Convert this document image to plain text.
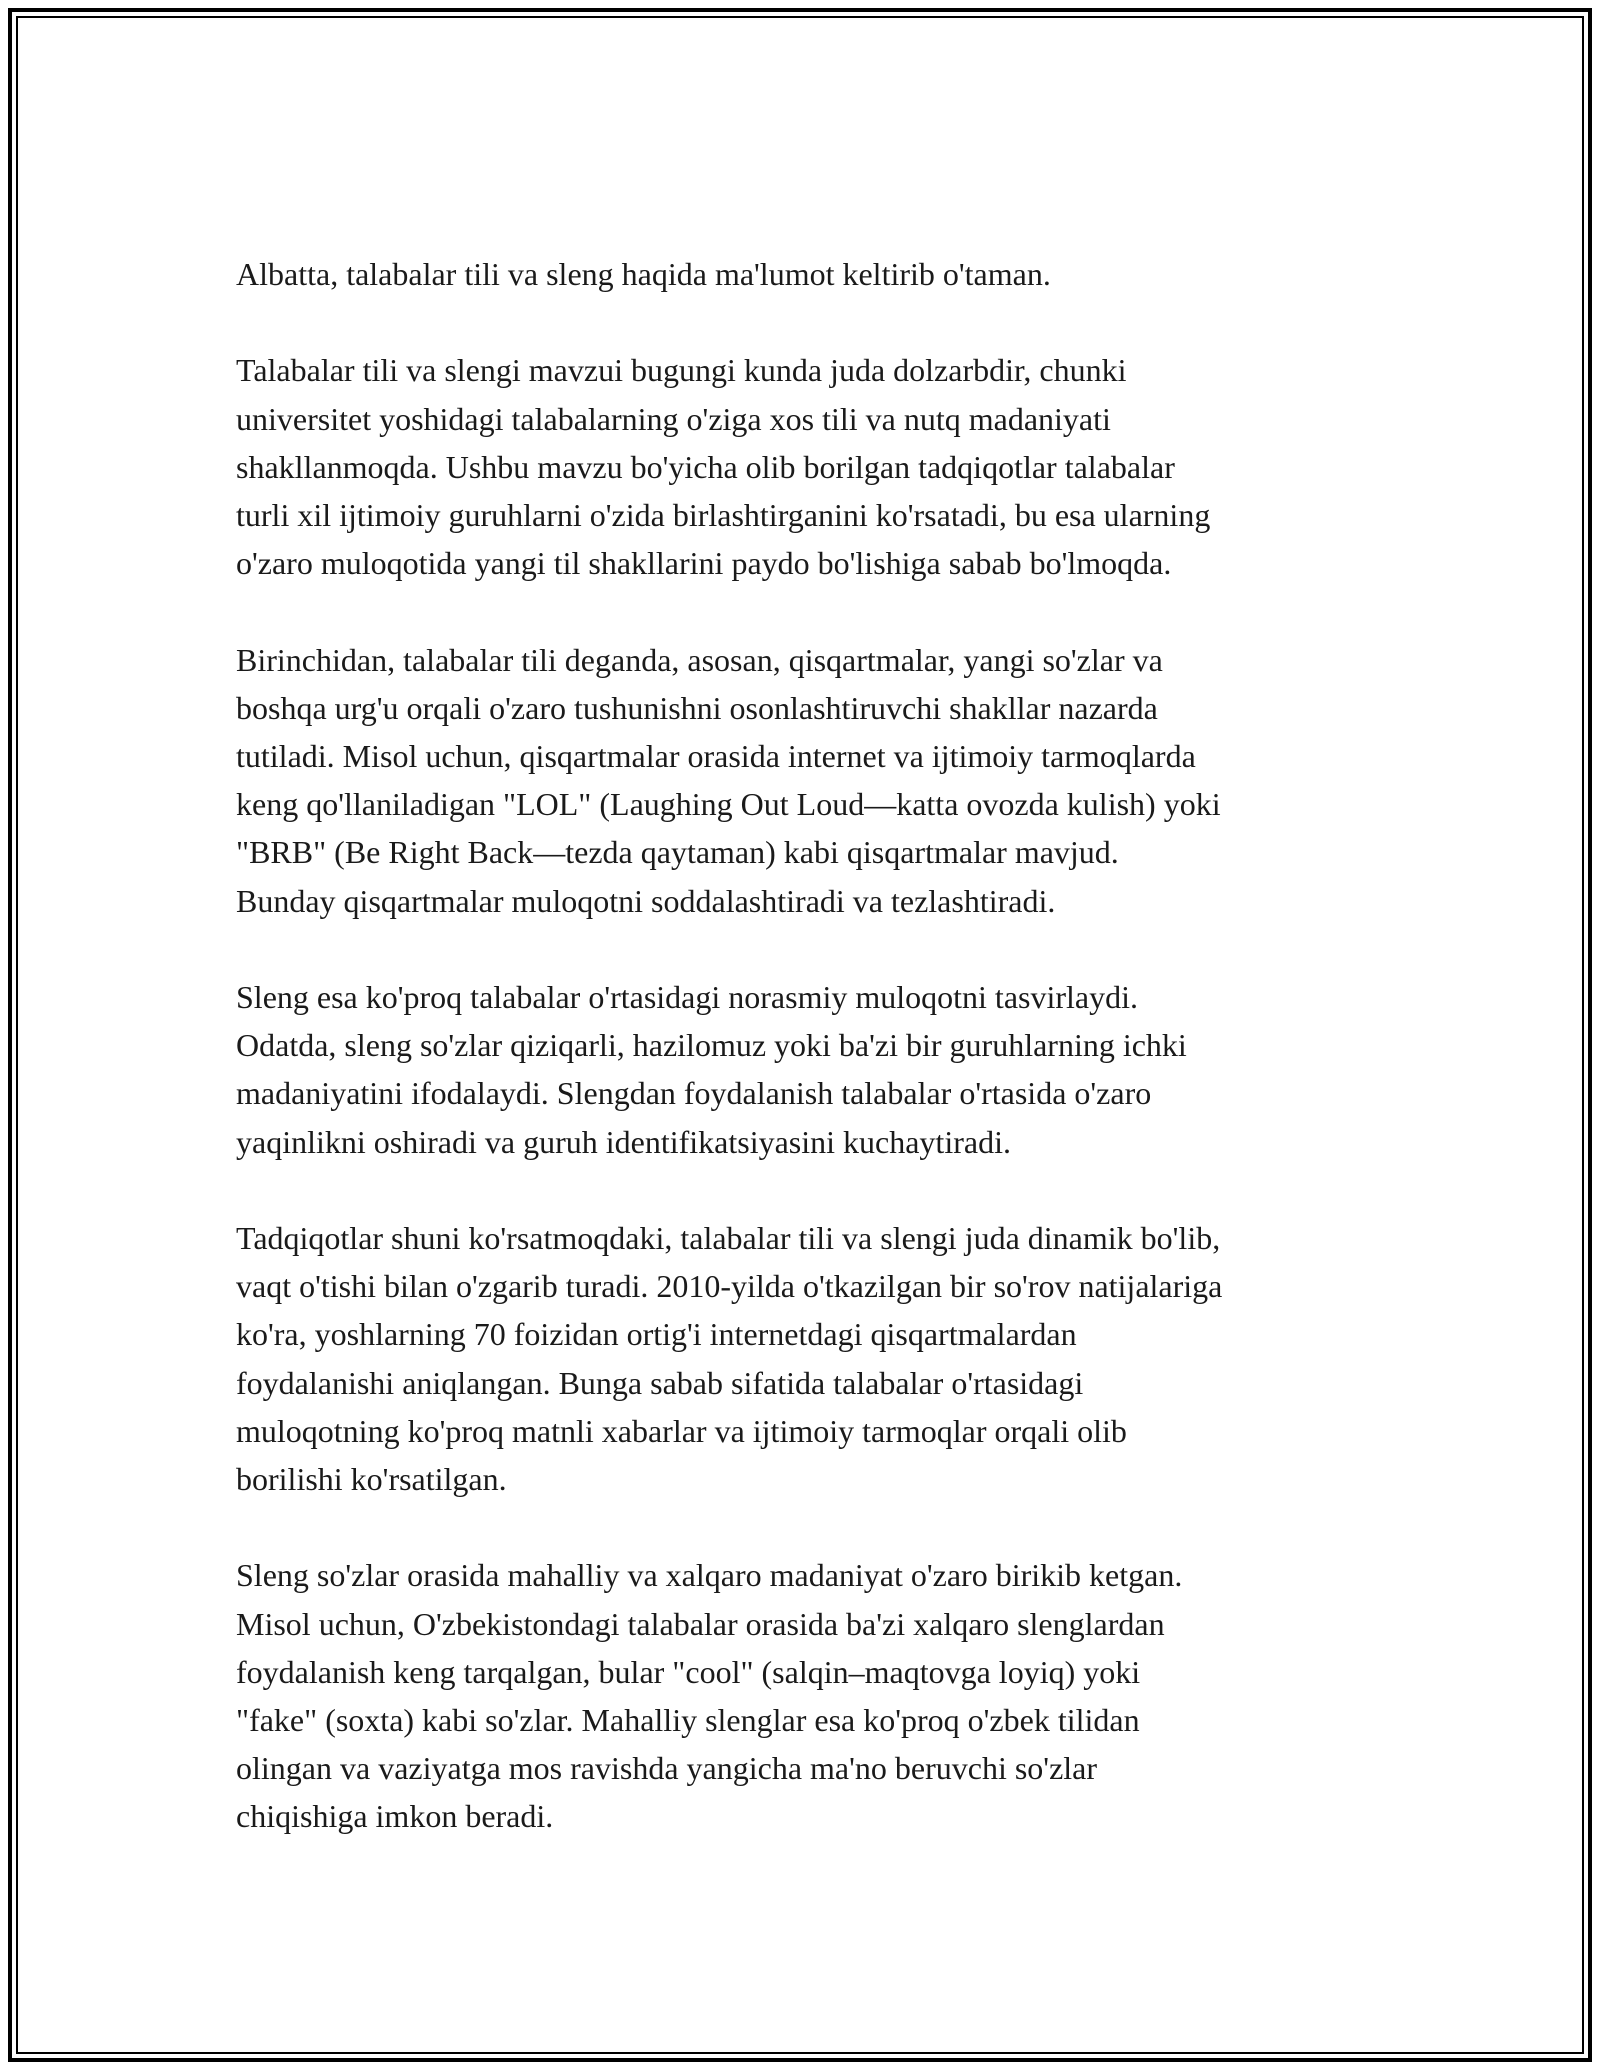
Albatta, talabalar tili va sleng haqida ma'lumot keltirib o'taman.

Talabalar tili va slengi mavzui bugungi kunda juda dolzarbdir, chunki
universitet yoshidagi talabalarning o'ziga xos tili va nutq madaniyati
shakllanmoqda. Ushbu mavzu bo'yicha olib borilgan tadqiqotlar talabalar
turli xil ijtimoiy guruhlarni o'zida birlashtirganini ko'rsatadi, bu esa ularning
o'zaro muloqotida yangi til shakllarini paydo bo'lishiga sabab bo'lmoqda.

Birinchidan, talabalar tili deganda, asosan, qisqartmalar, yangi so'zlar va
boshqa urg'u orqali o'zaro tushunishni osonlashtiruvchi shakllar nazarda
tutiladi. Misol uchun, qisqartmalar orasida internet va ijtimoiy tarmoqlarda
keng qo'llaniladigan "LOL" (Laughing Out Loud—katta ovozda kulish) yoki
"BRB" (Be Right Back—tezda qaytaman) kabi qisqartmalar mavjud.
Bunday qisqartmalar muloqotni soddalashtiradi va tezlashtiradi.

Sleng esa ko'proq talabalar o'rtasidagi norasmiy muloqotni tasvirlaydi.
Odatda, sleng so'zlar qiziqarli, hazilomuz yoki ba'zi bir guruhlarning ichki
madaniyatini ifodalaydi. Slengdan foydalanish talabalar o'rtasida o'zaro
yaqinlikni oshiradi va guruh identifikatsiyasini kuchaytiradi.

Tadqiqotlar shuni ko'rsatmoqdaki, talabalar tili va slengi juda dinamik bo'lib,
vaqt o'tishi bilan o'zgarib turadi. 2010-yilda o'tkazilgan bir so'rov natijalariga
ko'ra, yoshlarning 70 foizidan ortig'i internetdagi qisqartmalardan
foydalanishi aniqlangan. Bunga sabab sifatida talabalar o'rtasidagi
muloqotning ko'proq matnli xabarlar va ijtimoiy tarmoqlar orqali olib
borilishi ko'rsatilgan.

Sleng so'zlar orasida mahalliy va xalqaro madaniyat o'zaro birikib ketgan.
Misol uchun, O'zbekistondagi talabalar orasida ba'zi xalqaro slenglardan
foydalanish keng tarqalgan, bular "cool" (salqin–maqtovga loyiq) yoki
"fake" (soxta) kabi so'zlar. Mahalliy slenglar esa ko'proq o'zbek tilidan
olingan va vaziyatga mos ravishda yangicha ma'no beruvchi so'zlar
chiqishiga imkon beradi.
